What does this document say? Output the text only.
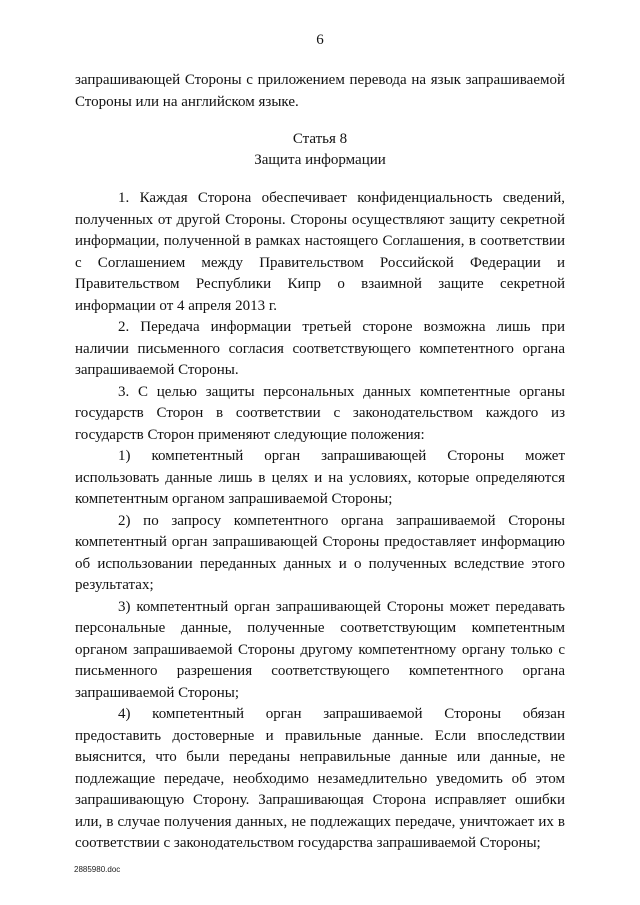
6

запрашивающей Стороны с приложением перевода на язык запрашиваемой Стороны или на английском языке.

Статья 8
Защита информации

1. Каждая Сторона обеспечивает конфиденциальность сведений, полученных от другой Стороны. Стороны осуществляют защиту секретной информации, полученной в рамках настоящего Соглашения, в соответствии с Соглашением между Правительством Российской Федерации и Правительством Республики Кипр о взаимной защите секретной информации от 4 апреля 2013 г.

2. Передача информации третьей стороне возможна лишь при наличии письменного согласия соответствующего компетентного органа запрашиваемой Стороны.

3. С целью защиты персональных данных компетентные органы государств Сторон в соответствии с законодательством каждого из государств Сторон применяют следующие положения:

1) компетентный орган запрашивающей Стороны может использовать данные лишь в целях и на условиях, которые определяются компетентным органом запрашиваемой Стороны;

2) по запросу компетентного органа запрашиваемой Стороны компетентный орган запрашивающей Стороны предоставляет информацию об использовании переданных данных и о полученных вследствие этого результатах;

3) компетентный орган запрашивающей Стороны может передавать персональные данные, полученные соответствующим компетентным органом запрашиваемой Стороны другому компетентному органу только с письменного разрешения соответствующего компетентного органа запрашиваемой Стороны;

4) компетентный орган запрашиваемой Стороны обязан предоставить достоверные и правильные данные. Если впоследствии выяснится, что были переданы неправильные данные или данные, не подлежащие передаче, необходимо незамедлительно уведомить об этом запрашивающую Сторону. Запрашивающая Сторона исправляет ошибки или, в случае получения данных, не подлежащих передаче, уничтожает их в соответствии с законодательством государства запрашиваемой Стороны;

2885980.doc
